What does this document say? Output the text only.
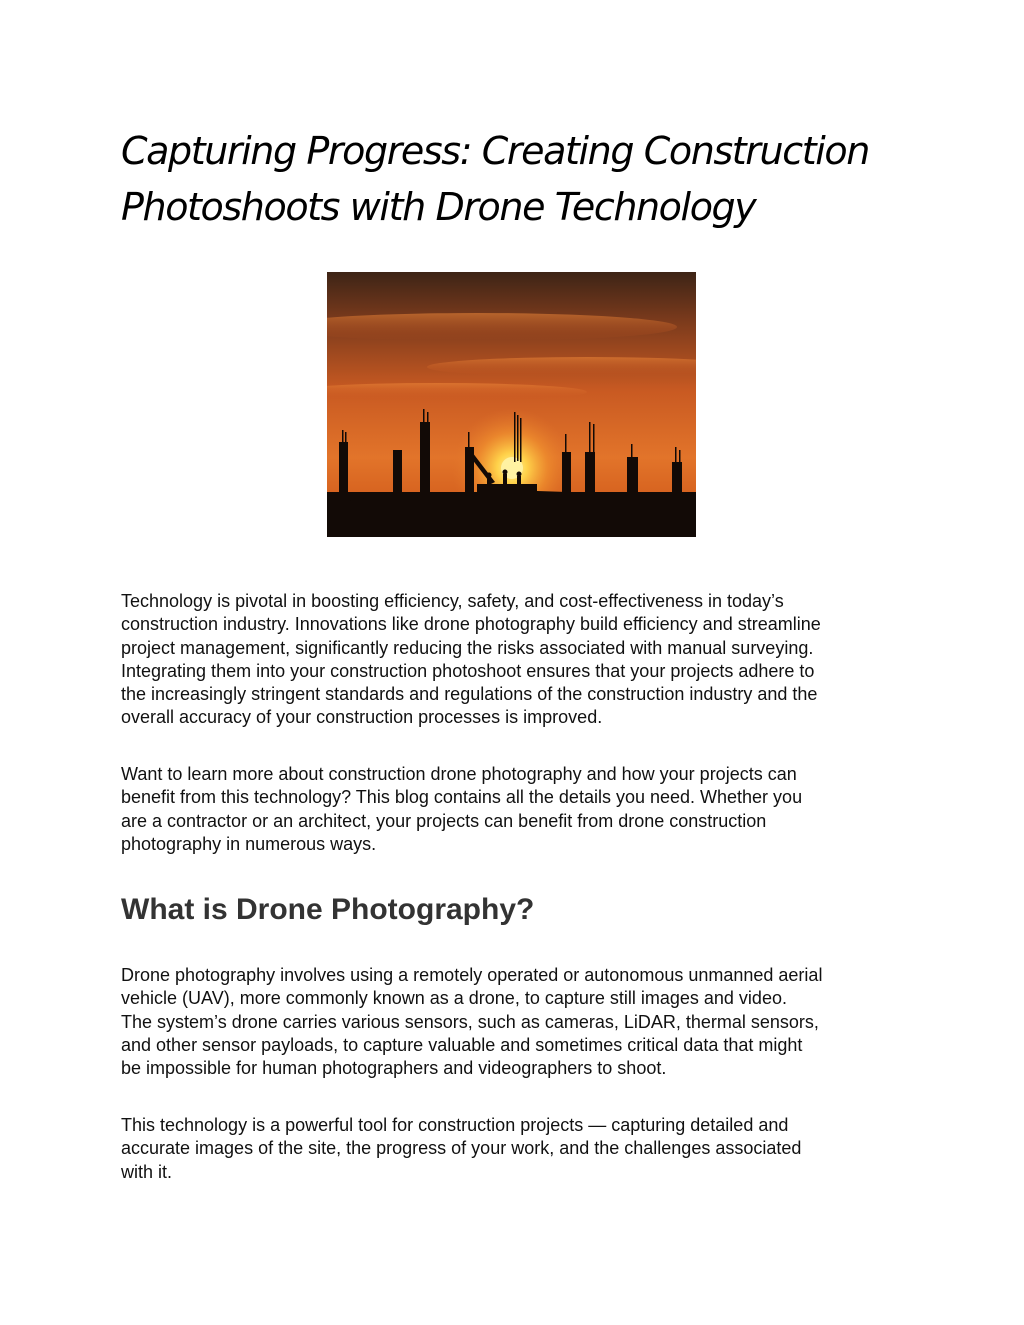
Capturing Progress: Creating Construction
Photoshoots with Drone Technology

Technology is pivotal in boosting efficiency, safety, and cost-effectiveness in today’s
construction industry. Innovations like drone photography build efficiency and streamline
project management, significantly reducing the risks associated with manual surveying.
Integrating them into your construction photoshoot ensures that your projects adhere to
the increasingly stringent standards and regulations of the construction industry and the
overall accuracy of your construction processes is improved.

Want to learn more about construction drone photography and how your projects can
benefit from this technology? This blog contains all the details you need. Whether you
are a contractor or an architect, your projects can benefit from drone construction
photography in numerous ways.

What is Drone Photography?

Drone photography involves using a remotely operated or autonomous unmanned aerial
vehicle (UAV), more commonly known as a drone, to capture still images and video.
The system’s drone carries various sensors, such as cameras, LiDAR, thermal sensors,
and other sensor payloads, to capture valuable and sometimes critical data that might
be impossible for human photographers and videographers to shoot.

This technology is a powerful tool for construction projects — capturing detailed and
accurate images of the site, the progress of your work, and the challenges associated
with it.
